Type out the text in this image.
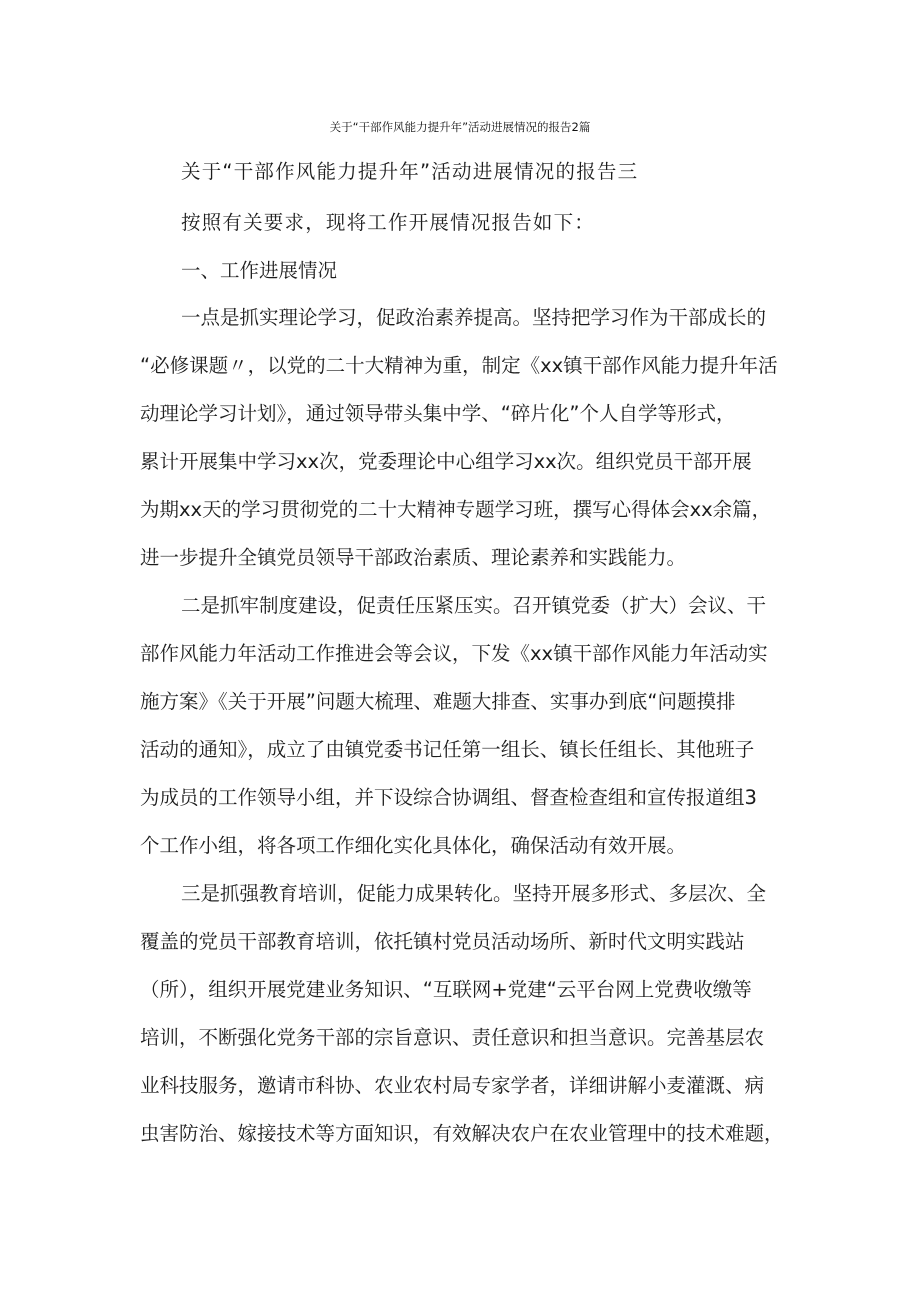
关于“干部作风能力提升年”活动进展情况的报告2篇
关于“干部作风能力提升年”活动进展情况的报告三
按照有关要求，现将工作开展情况报告如下：
一、工作进展情况
一点是抓实理论学习，促政治素养提高。坚持把学习作为干部成长的
“必修课题〃，以党的二十大精神为重，制定《xx镇干部作风能力提升年活
动理论学习计划》，通过领导带头集中学、“碎片化”个人自学等形式，
累计开展集中学习xx次，党委理论中心组学习xx次。组织党员干部开展
为期xx天的学习贯彻党的二十大精神专题学习班，撰写心得体会xx余篇，
进一步提升全镇党员领导干部政治素质、理论素养和实践能力。
二是抓牢制度建设，促责任压紧压实。召开镇党委（扩大）会议、干
部作风能力年活动工作推进会等会议，下发《xx镇干部作风能力年活动实
施方案》《关于开展”问题大梳理、难题大排查、实事办到底“问题摸排
活动的通知》，成立了由镇党委书记任第一组长、镇长任组长、其他班子
为成员的工作领导小组，并下设综合协调组、督查检查组和宣传报道组3
个工作小组，将各项工作细化实化具体化，确保活动有效开展。
三是抓强教育培训，促能力成果转化。坚持开展多形式、多层次、全
覆盖的党员干部教育培训，依托镇村党员活动场所、新时代文明实践站
（所），组织开展党建业务知识、“互联网+党建“云平台网上党费收缴等
培训，不断强化党务干部的宗旨意识、责任意识和担当意识。完善基层农
业科技服务，邀请市科协、农业农村局专家学者，详细讲解小麦灌溉、病
虫害防治、嫁接技术等方面知识，有效解决农户在农业管理中的技术难题，
